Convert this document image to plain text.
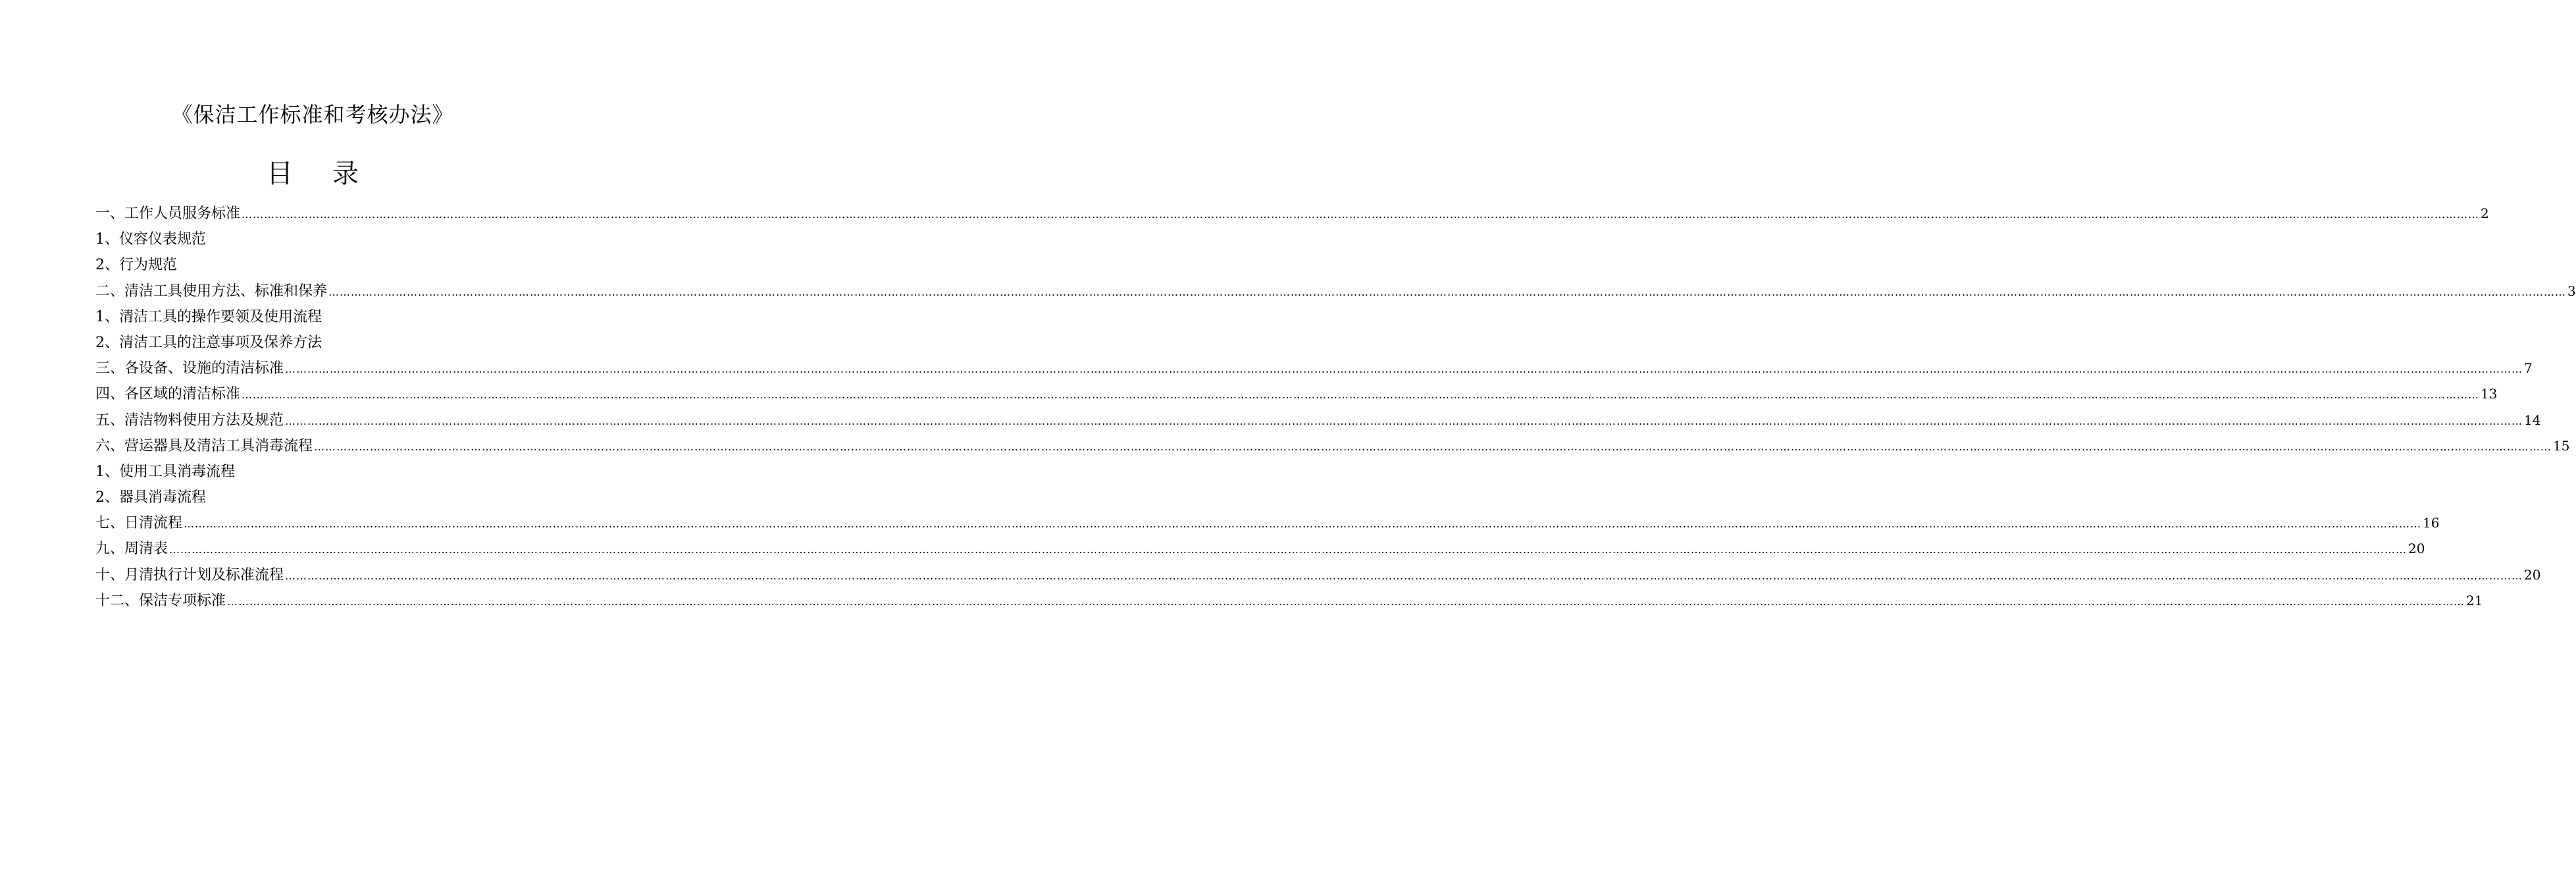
《保洁工作标准和考核办法》
目录
一、工作人员服务标准 …………………………………………………………………………………………………………………………………………………………………………………………………………………………………………………………………………………………………………………………………………………………………………………………………………………………………………………………………………………………………………………………………………………… 2
1、仪容仪表规范
2、行为规范
二、清洁工具使用方法、标准和保养 …………………………………………………………………………………………………………………………………………………………………………………………………………………………………………………………………………………………………………………………………………………………………………………………………………………………………………………………………………………………………………………………………………………… 3
1、清洁工具的操作要领及使用流程
2、清洁工具的注意事项及保养方法
三、各设备、设施的清洁标准 …………………………………………………………………………………………………………………………………………………………………………………………………………………………………………………………………………………………………………………………………………………………………………………………………………………………………………………………………………………………………………………………………………………… 7
四、各区域的清洁标准 …………………………………………………………………………………………………………………………………………………………………………………………………………………………………………………………………………………………………………………………………………………………………………………………………………………………………………………………………………………………………………………………………………………… 13
五、清洁物料使用方法及规范 …………………………………………………………………………………………………………………………………………………………………………………………………………………………………………………………………………………………………………………………………………………………………………………………………………………………………………………………………………………………………………………………………………………… 14
六、营运器具及清洁工具消毒流程 …………………………………………………………………………………………………………………………………………………………………………………………………………………………………………………………………………………………………………………………………………………………………………………………………………………………………………………………………………………………………………………………………………………… 15
1、使用工具消毒流程
2、器具消毒流程
七、日清流程 …………………………………………………………………………………………………………………………………………………………………………………………………………………………………………………………………………………………………………………………………………………………………………………………………………………………………………………………………………………………………………………………………………………… 16
九、周清表 …………………………………………………………………………………………………………………………………………………………………………………………………………………………………………………………………………………………………………………………………………………………………………………………………………………………………………………………………………………………………………………………………………………… 20
十、月清执行计划及标准流程 …………………………………………………………………………………………………………………………………………………………………………………………………………………………………………………………………………………………………………………………………………………………………………………………………………………………………………………………………………………………………………………………………………………… 20
十二、保洁专项标准 …………………………………………………………………………………………………………………………………………………………………………………………………………………………………………………………………………………………………………………………………………………………………………………………………………………………………………………………………………………………………………………………………………………… 21
